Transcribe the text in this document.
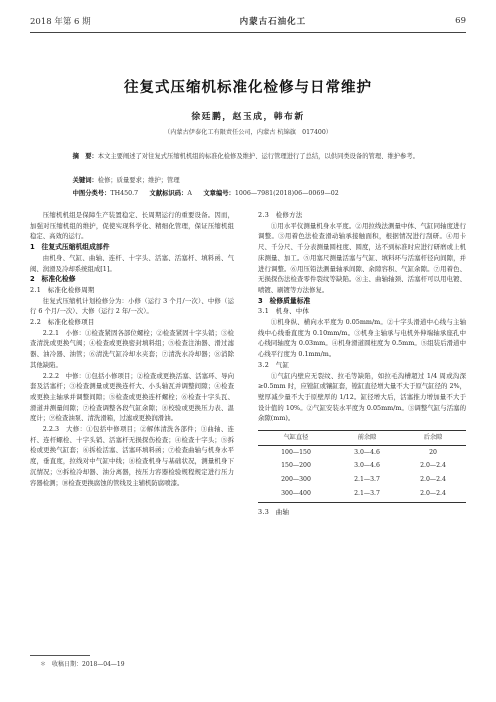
2018 年第 6 期	内蒙古石油化工	69
往复式压缩机标准化检修与日常维护
徐廷鹏，赵玉成，韩布新
（内蒙古伊泰化工有限责任公司，内蒙古 杭锦旗　017400）
摘　要：本文主要阐述了对往复式压缩机机组的标准化检修及维护、运行管理进行了总结，以供同类设备的管理、维护参考。
关键词：检修；质量要求；维护；管理
中图分类号：TH450.7   文献标识码：A   文章编号：1006—7981(2018)06—0069—02

压缩机机组是保障生产装置稳定、长周期运行的重要设备。因而，加强对压缩机组的维护，促使实现科学化、精细化管理，保证压缩机组稳定、高效的运行。

1　往复式压缩机组成部件

由机身、气缸、曲轴、连杆、十字头、活塞、活塞杆、填料函、气阀、润滑及冷却系统组成[1]。

2　标准化检修
2.1　标准化检修周期

往复式压缩机计划检修分为：小修（运行 3 个月/一次）、中修（运行 6 个月/一次）、大修（运行 2 年/一次）。

2.2　标准化检修项目

2.2.1　小修：①检查紧固各部位螺栓；②检查紧固十字头销；③检查清洗或更换气阀；④检查或更换密封填料组；⑤检查注油器、滑过滤器、油冷器、油管；⑥清洗气缸冷却水夹套；⑦清洗水冷却器；⑧消除其他缺陷。

2.2.2　中修：①包括小修项目；②检查或更换活塞、活塞环、导向套及活塞杆；③检查测量或更换连杆大、小头轴瓦并调整间隙；④检查或更换主轴承并调整间隙；⑤检查或更换连杆螺栓；⑥检查十字头瓦、滑道并测量间隙；⑦检查调整各段气缸余隙；⑧校验或更换压力表、温度计；⑨检查油泵、清洗滑箱，过滤或更换润滑油。

2.2.3　大修：①包括中修项目；②解体清洗各部件；③曲轴、连杆、连杆螺栓、十字头销、活塞杆无损探伤检查；④检查十字头；⑤拆检或更换气缸套；⑥拆检活塞、活塞环填料函；⑦检查曲轴与机身水平度，垂直度，拉线对中气缸中线；⑧检查机身与基础状况，测量机身下沉情况；⑨拆检冷却器、油分离器，按压力容器检验规程规定进行压力容器检测；⑩检查更换腐蚀的管线及主辅机防腐喷漆。

2.3　检修方法

①用水平仪测量机身水平度。②用拉线法测量中体、气缸同轴度进行调整。③用着色法检查滑动轴承接触面积，根据情况进行刮研。④用卡尺、千分尺、千分表测量圆柱度、圆度，达不到标准时应进行研磨或上机床测量、加工。⑤用塞尺测量活塞与气缸、填料环与活塞杆径向间隙，并进行调整。⑥用压铅法测量轴承间隙、余隙容积、气缸余隙。⑦用着色、无损探伤法检查零件裂纹等缺陷。⑧主、曲轴轴颈、活塞杆可以用电镀、喷镀、刷镀等方法修复。

3　检修质量标准
3.1　机身、中体

①机身纵、横向水平度为 0.05mm/m。②十字头滑道中心线与主轴线中心线垂直度为 0.10mm/m。③机身主轴承与电机外伸端轴承座孔中心线同轴度为 0.03mm。④机身滑道圆柱度为 0.5mm。⑤组装后滑道中心线平行度为 0.1mm/m。

3.2　气缸

①气缸内壁应无裂纹、拉毛等缺陷，如拉毛沟槽超过 1/4 周或沟深≥0.5mm 时，应镗缸或镶缸套，镗缸直径增大量不大于原气缸径的 2%，壁厚减少量不大于原壁厚的 1/12。缸径增大后，活塞推力增加量不大于设计值的 10%。②气缸安装水平度为 0.05mm/m。③调整气缸与活塞的余隙(mm)。

气缸直径	前余隙	后余隙
100—150	3.0—4.6	20
150—200	3.0—4.6	2.0—2.4
200—300	2.1—3.7	2.0—2.4
300—400	2.1—3.7	2.0—2.4
3.3　曲轴
＊　收稿日期：2018—04—19
